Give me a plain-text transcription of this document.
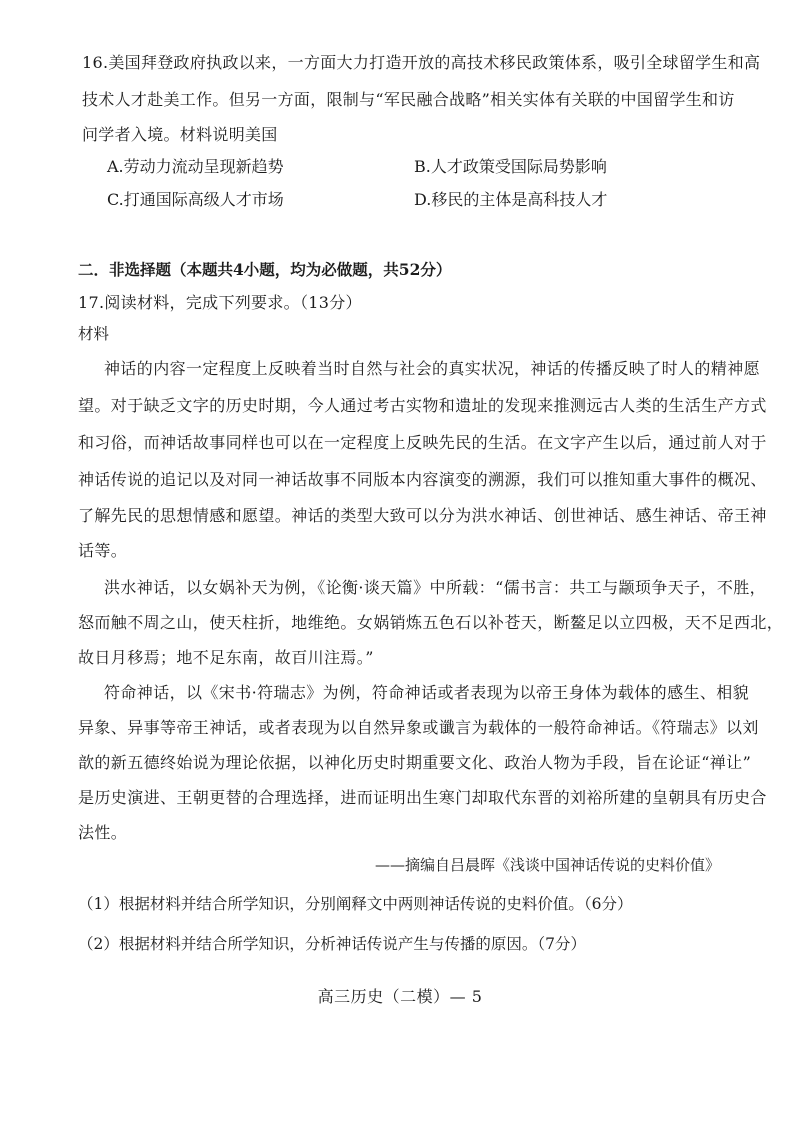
16.美国拜登政府执政以来，一方面大力打造开放的高技术移民政策体系，吸引全球留学生和高
技术人才赴美工作。但另一方面，限制与“军民融合战略”相关实体有关联的中国留学生和访
问学者入境。材料说明美国
A.劳动力流动呈现新趋势	B.人才政策受国际局势影响
C.打通国际高级人才市场	D.移民的主体是高科技人才
二．非选择题（本题共4小题，均为必做题，共52分）
17.阅读材料，完成下列要求。（13分）
材料
神话的内容一定程度上反映着当时自然与社会的真实状况，神话的传播反映了时人的精神愿
望。对于缺乏文字的历史时期，今人通过考古实物和遗址的发现来推测远古人类的生活生产方式
和习俗，而神话故事同样也可以在一定程度上反映先民的生活。在文字产生以后，通过前人对于
神话传说的追记以及对同一神话故事不同版本内容演变的溯源，我们可以推知重大事件的概况、
了解先民的思想情感和愿望。神话的类型大致可以分为洪水神话、创世神话、感生神话、帝王神
话等。
洪水神话，以女娲补天为例，《论衡·谈天篇》中所载：“儒书言：共工与颛顼争天子，不胜，
怒而触不周之山，使天柱折，地维绝。女娲销炼五色石以补苍天，断鳌足以立四极，天不足西北，
故日月移焉；地不足东南，故百川注焉。”
符命神话，以《宋书·符瑞志》为例，符命神话或者表现为以帝王身体为载体的感生、相貌
异象、异事等帝王神话，或者表现为以自然异象或谶言为载体的一般符命神话。《符瑞志》以刘
歆的新五德终始说为理论依据，以神化历史时期重要文化、政治人物为手段，旨在论证“禅让”
是历史演进、王朝更替的合理选择，进而证明出生寒门却取代东晋的刘裕所建的皇朝具有历史合
法性。
——摘编自吕晨晖《浅谈中国神话传说的史料价值》
（1）根据材料并结合所学知识，分别阐释文中两则神话传说的史料价值。（6分）
（2）根据材料并结合所学知识，分析神话传说产生与传播的原因。（7分）
高三历史（二模）— 5
